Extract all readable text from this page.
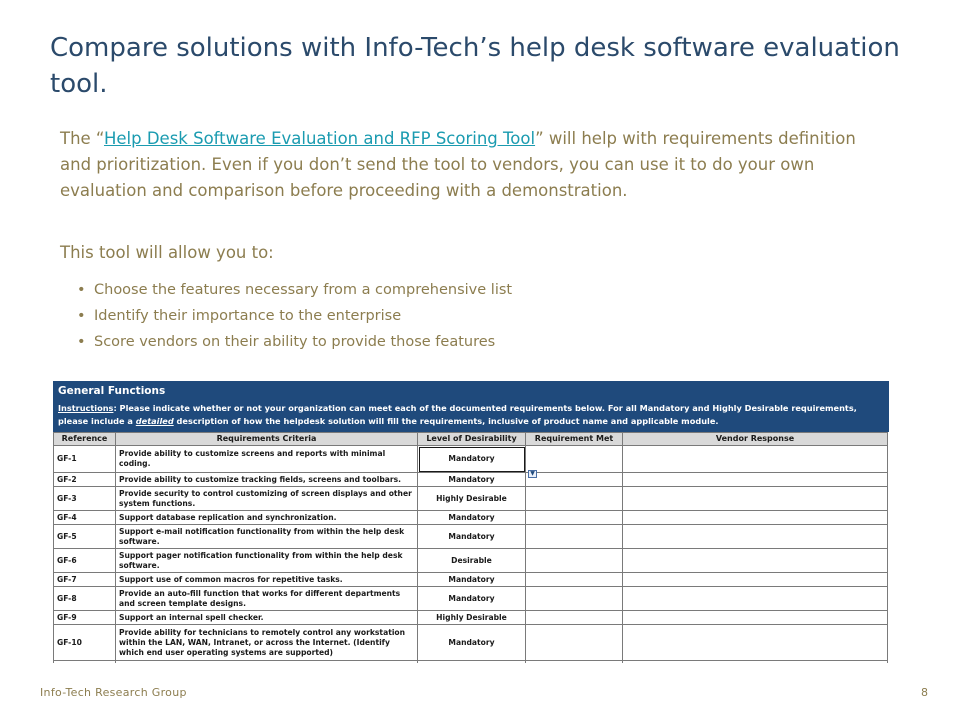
Compare solutions with Info-Tech’s help desk software evaluation tool.

The “Help Desk Software Evaluation and RFP Scoring Tool” will help with requirements definition and prioritization. Even if you don’t send the tool to vendors, you can use it to do your own evaluation and comparison before proceeding with a demonstration.

This tool will allow you to:

• Choose the features necessary from a comprehensive list
• Identify their importance to the enterprise
• Score vendors on their ability to provide those features
General Functions
Instructions: Please indicate whether or not your organization can meet each of the documented requirements below. For all Mandatory and Highly Desirable requirements, please include a detailed description of how the helpdesk solution will fill the requirements, inclusive of product name and applicable module.
Reference	Requirements Criteria	Level of Desirability	Requirement Met	Vendor Response
GF-1	Provide ability to customize screens and reports with minimal coding.	Mandatory
▼		

GF-2	Provide ability to customize tracking fields, screens and toolbars.	Mandatory		
GF-3	Provide security to control customizing of screen displays and other system functions.	Highly Desirable		
GF-4	Support database replication and synchronization.	Mandatory		
GF-5	Support e-mail notification functionality from within the help desk software.	Mandatory		
GF-6	Support pager notification functionality from within the help desk software.	Desirable		
GF-7	Support use of common macros for repetitive tasks.	Mandatory		
GF-8	Provide an auto-fill function that works for different departments and screen template designs.	Mandatory		
GF-9	Support an internal spell checker.	Highly Desirable		
GF-10	Provide ability for technicians to remotely control any workstation within the LAN, WAN, Intranet, or across the Internet. (Identify which end user operating systems are supported)	Mandatory		

Info-Tech Research Group	8
